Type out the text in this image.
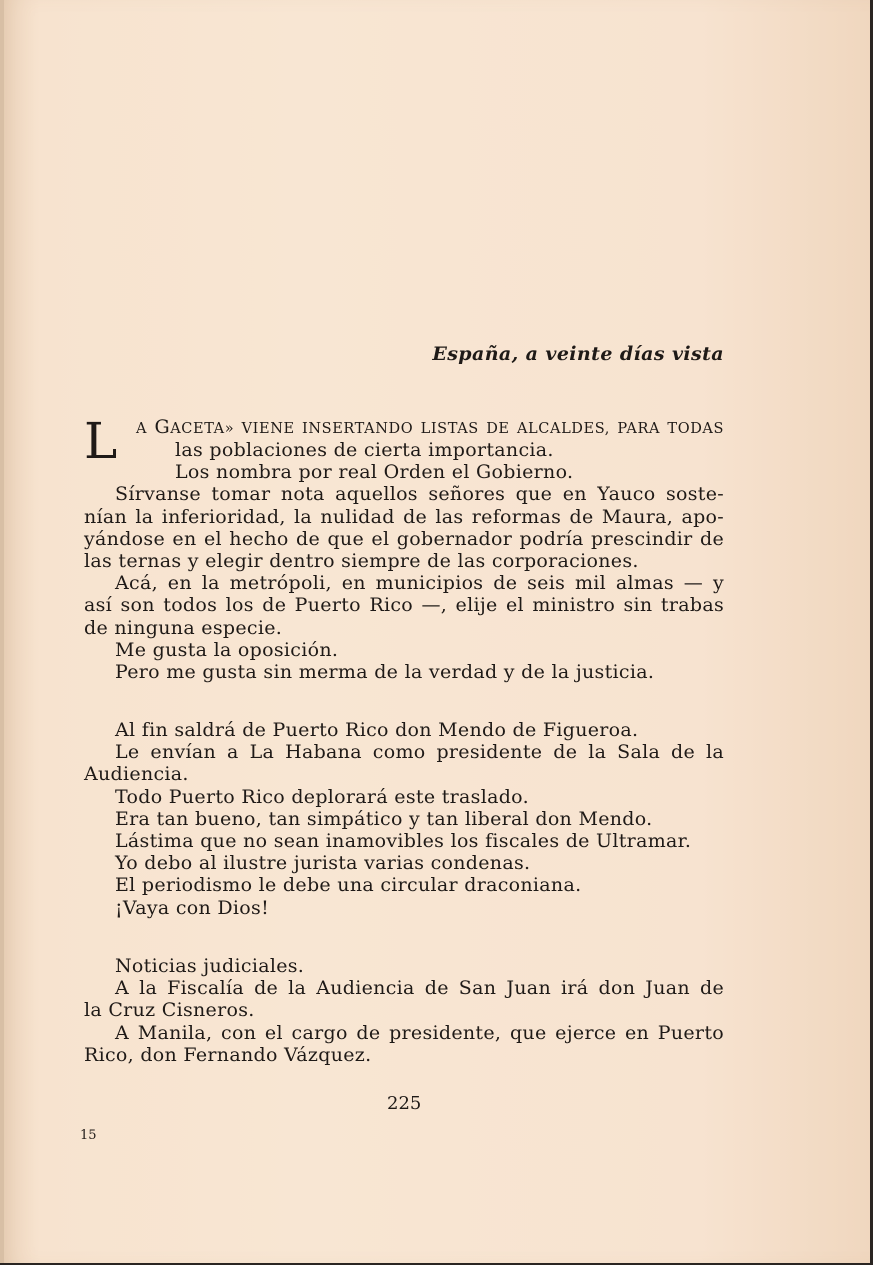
España, a veinte días vista
L A GACETA» VIENE INSERTANDO LISTAS DE ALCALDES, PARA TODAS
las poblaciones de cierta importancia.
Los nombra por real Orden el Gobierno.
Sírvanse tomar nota aquellos señores que en Yauco soste-
nían la inferioridad, la nulidad de las reformas de Maura, apo-
yándose en el hecho de que el gobernador podría prescindir de
las ternas y elegir dentro siempre de las corporaciones.
Acá, en la metrópoli, en municipios de seis mil almas — y
así son todos los de Puerto Rico —, elije el ministro sin trabas
de ninguna especie.
Me gusta la oposición.
Pero me gusta sin merma de la verdad y de la justicia.
Al fin saldrá de Puerto Rico don Mendo de Figueroa.
Le envían a La Habana como presidente de la Sala de la
Audiencia.
Todo Puerto Rico deplorará este traslado.
Era tan bueno, tan simpático y tan liberal don Mendo.
Lástima que no sean inamovibles los fiscales de Ultramar.
Yo debo al ilustre jurista varias condenas.
El periodismo le debe una circular draconiana.
¡Vaya con Dios!
Noticias judiciales.
A la Fiscalía de la Audiencia de San Juan irá don Juan de
la Cruz Cisneros.
A Manila, con el cargo de presidente, que ejerce en Puerto
Rico, don Fernando Vázquez.
225
15
